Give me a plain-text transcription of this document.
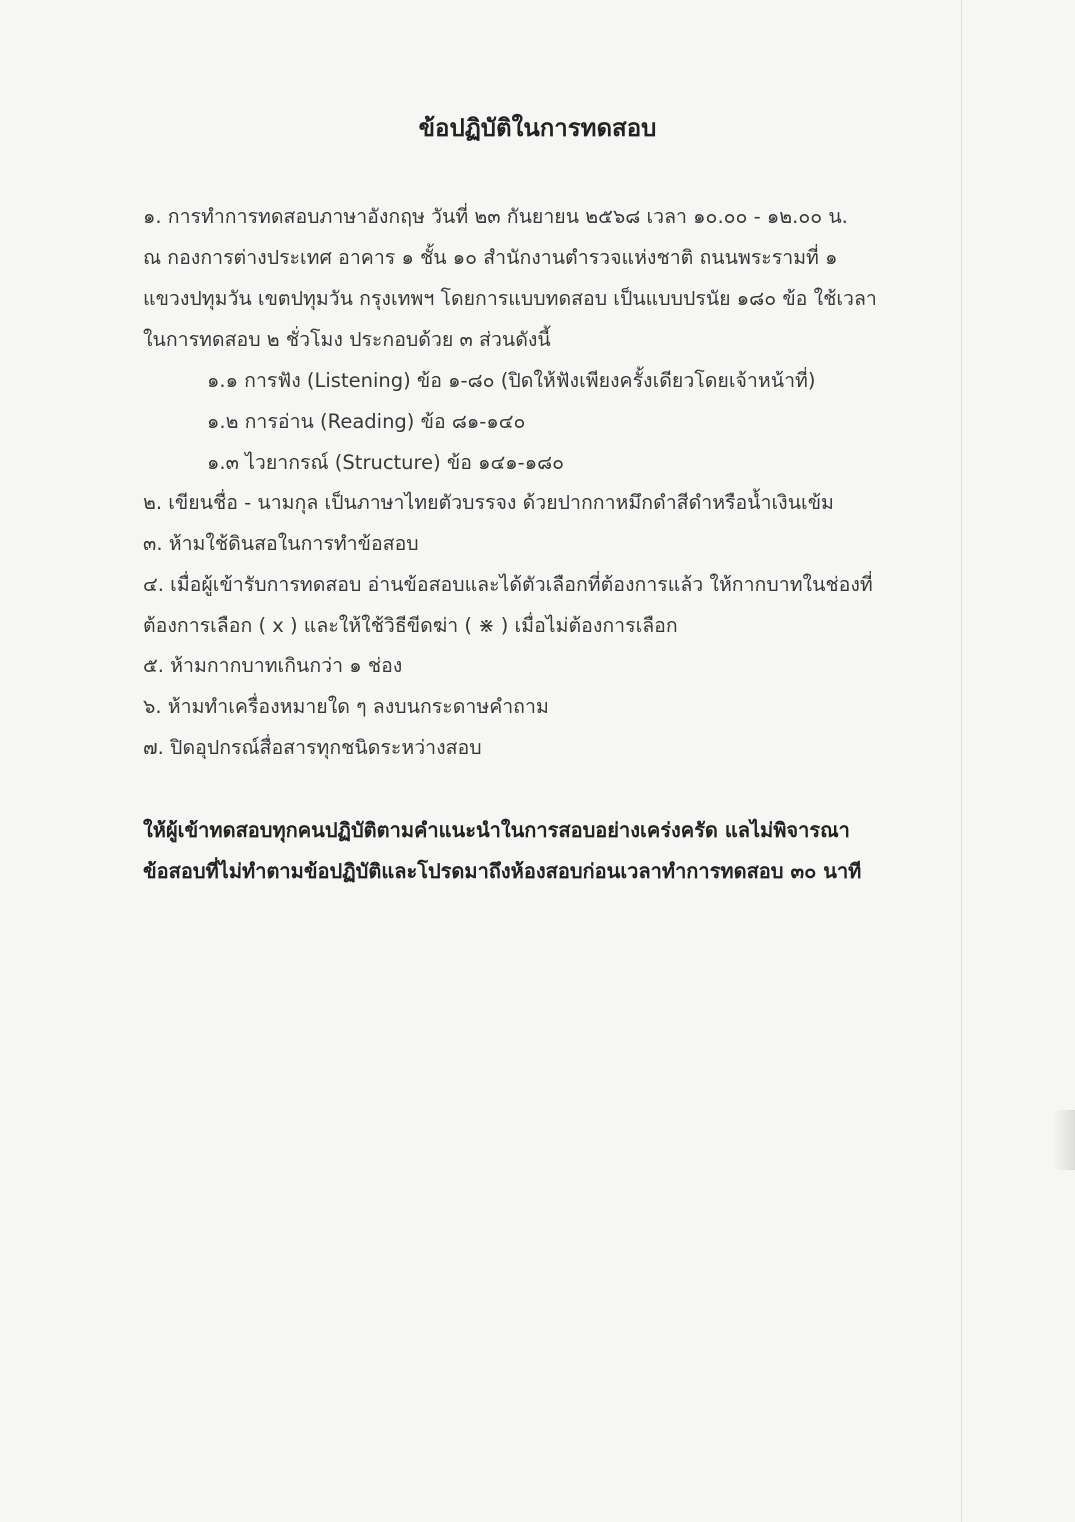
ข้อปฏิบัติในการทดสอบ
๑. การทำการทดสอบภาษาอังกฤษ วันที่ ๒๓ กันยายน ๒๕๖๘ เวลา ๑๐.๐๐ - ๑๒.๐๐ น.
ณ กองการต่างประเทศ อาคาร ๑ ชั้น ๑๐ สำนักงานตำรวจแห่งชาติ ถนนพระรามที่ ๑
แขวงปทุมวัน เขตปทุมวัน กรุงเทพฯ โดยการแบบทดสอบ เป็นแบบปรนัย ๑๘๐ ข้อ ใช้เวลา
ในการทดสอบ ๒ ชั่วโมง ประกอบด้วย ๓ ส่วนดังนี้
๑.๑ การฟัง (Listening) ข้อ ๑-๘๐ (ปิดให้ฟังเพียงครั้งเดียวโดยเจ้าหน้าที่)
๑.๒ การอ่าน (Reading) ข้อ ๘๑-๑๔๐
๑.๓ ไวยากรณ์ (Structure) ข้อ ๑๔๑-๑๘๐
๒. เขียนชื่อ - นามกุล เป็นภาษาไทยตัวบรรจง ด้วยปากกาหมึกดำสีดำหรือน้ำเงินเข้ม
๓. ห้ามใช้ดินสอในการทำข้อสอบ
๔. เมื่อผู้เข้ารับการทดสอบ อ่านข้อสอบและได้ตัวเลือกที่ต้องการแล้ว ให้กากบาทในช่องที่
ต้องการเลือก ( x ) และให้ใช้วิธีขีดฆ่า ( ⋇ ) เมื่อไม่ต้องการเลือก
๕. ห้ามกากบาทเกินกว่า ๑ ช่อง
๖. ห้ามทำเครื่องหมายใด ๆ ลงบนกระดาษคำถาม
๗. ปิดอุปกรณ์สื่อสารทุกชนิดระหว่างสอบ
ให้ผู้เข้าทดสอบทุกคนปฏิบัติตามคำแนะนำในการสอบอย่างเคร่งครัด แลไม่พิจารณา
ข้อสอบที่ไม่ทำตามข้อปฏิบัติและโปรดมาถึงห้องสอบก่อนเวลาทำการทดสอบ ๓๐ นาที
